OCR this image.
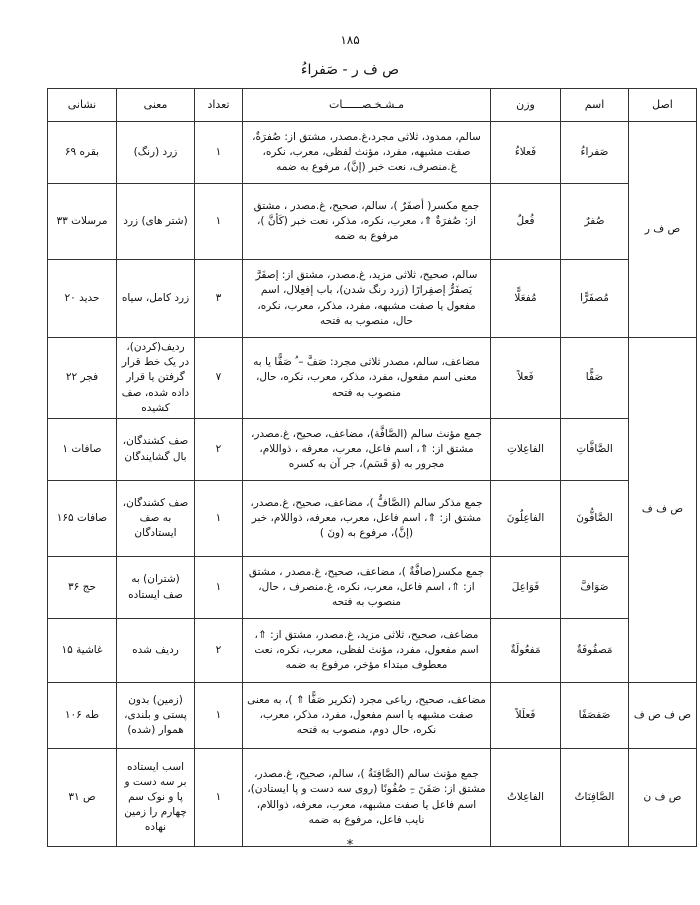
۱۸۵
ص ف ر - صَفراءُ
اصل	اسم	وزن	مـشـخـصــــــات	تعداد	معنی	نشانی
ص ف ر	صَفراءُ	فَعلاءُ	سالم، ممدود، ثلاثی مجرد،غ.مصدر، مشتق از: صُفرَةٌ، صفت مشبهه، مفرد، مؤنث لفظی، معرب، نکره، غ.منصرف، نعت خبر (إنَّ)، مرفوع به ضمه	۱	زرد (رنگ)	بقره ۶۹
	صُفرٌ	فُعلٌ	جمع مکسر( أصفَرٌ )، سالم، صحیح، غ.مصدر ، مشتق از: صُفرَةٌ ⇑، معرب، نکره، مذکر، نعت خبر (کَأنَّ )، مرفوع به ضمه	۱	(شتر های) زرد	مرسلات ۳۳
	مُصفَرًّا	مُفعَلًّا	سالم، صحیح، ثلاثی مزید، غ.مصدر، مشتق از: إصفَرَّ یَصفَرُّ إصفِرارًا (زرد رنگ شدن)، باب إفعِلال، اسم مفعول یا صفت مشبهه، مفرد، مذکر، معرب، نکره، حال، منصوب به فتحه	۳	زرد کامل، سیاه	حدید ۲۰
ص ف ف	صَفًّا	فَعلاً	مضاعف، سالم، مصدر ثلاثی مجرد: صَفَّ – ُ صَفًّا یا به معنی اسم مفعول، مفرد، مذکر، معرب، نکره، حال، منصوب به فتحه	۷	ردیف(کردن)، در یک خط قرار گرفتن یا قرار داده شده، صف کشیده	فجر ۲۲
	الصَّافَّاتِ	الفاعِلاتِ	جمع مؤنث سالم (الصَّافَّة)، مضاعف، صحیح، غ.مصدر، مشتق از: ⇑، اسم فاعل، معرب، معرفه ، ذواللام، مجرور به (وَ قَسَم)، جر آن به کسره	۲	صف کشندگان، بال گشایندگان	صافات ۱
	الصَّافُّونَ	الفاعِلُونَ	جمع مذکر سالم (الصَّافُّ )، مضاعف، صحیح، غ.مصدر، مشتق از: ⇑، اسم فاعل، معرب، معرفه، ذواللام، خبر (إنَّ)، مرفوع به (ونَ )	۱	صف کشندگان، به صف ایستادگان	صافات ۱۶۵
	صَوَافَّ	فَوَاعِلَ	جمع مکسر(صافَّةٌ )، مضاعف، صحیح، غ.مصدر ، مشتق از: ⇑، اسم فاعل، معرب، نکره، غ.منصرف ، حال، منصوب به فتحه	۱	(شتران) به صف ایستاده	حج ۳۶
	مَصفُوفَةٌ	مَفعُولَةٌ	مضاعف، صحیح، ثلاثی مزید، غ.مصدر، مشتق از: ⇑، اسم مفعول، مفرد، مؤنث لفظی، معرب، نکره، نعت معطوف مبتداء مؤخر، مرفوع به ضمه	۲	ردیف شده	غاشیة ۱۵
ص ف ص ف	صَفصَفًا	فَعلَلاً	مضاعف، صحیح، رباعی مجرد (تکریر صَفًّا ⇑ )، به معنی صفت مشبهه یا اسم مفعول، مفرد، مذکر، معرب، نکره، حال دوم، منصوب به فتحه	۱	(زمین) بدون پستی و بلندی، هموار (شده)	طه ۱۰۶
ص ف ن	الصَّافِنَاتُ	الفاعِلاتُ	جمع مؤنث سالم (الصَّافِنَةُ )، سالم، صحیح، غ.مصدر، مشتق از: صَفَنَ –ِ صُفُونًا (روی سه دست و پا ایستادن)، اسم فاعل یا صفت مشبهه، معرب، معرفه، ذواللام، نایب فاعل، مرفوع به ضمه	۱	اسب ایستاده بر سه دست و پا و نوک سم چهارم را زمین نهاده	ص ۳۱
*
